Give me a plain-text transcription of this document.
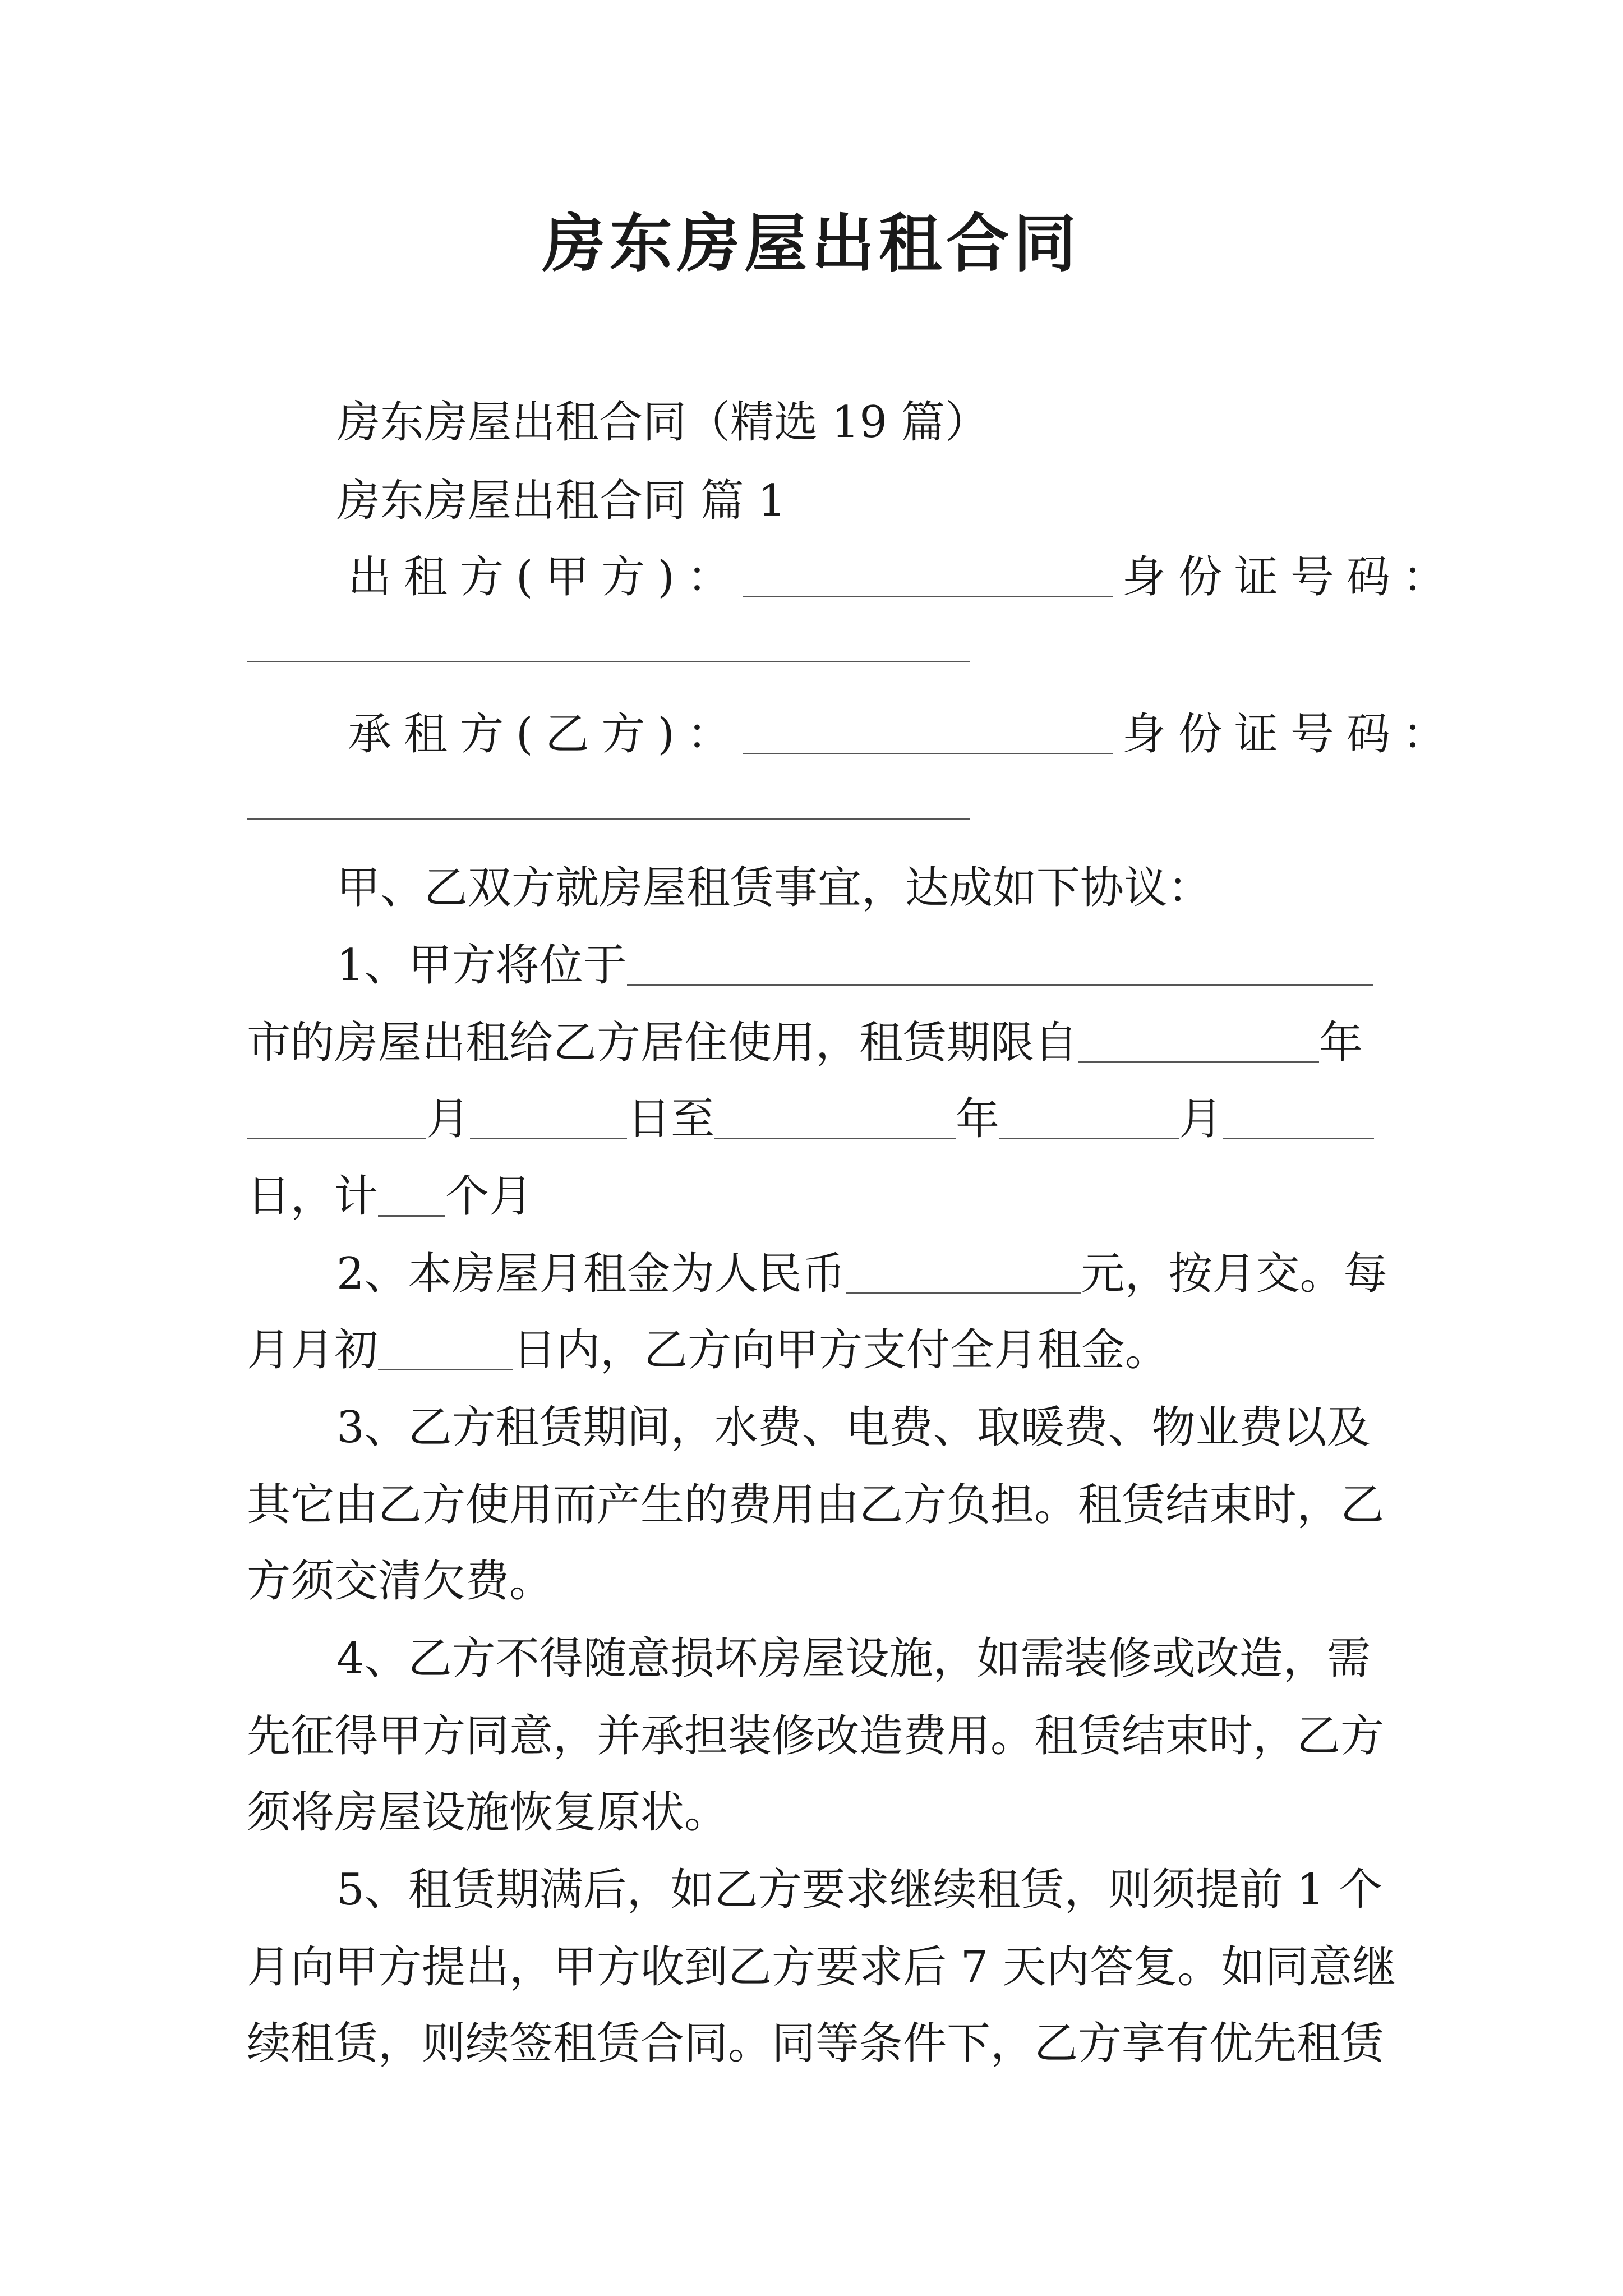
房东房屋出租合同
房东房屋出租合同（精选 19 篇）
房东房屋出租合同 篇 1
出租方(甲方)：	身份证号码：
承租方(乙方)：	身份证号码：
甲、乙双方就房屋租赁事宜，达成如下协议：
1、甲方将位于
市的房屋出租给乙方居住使用，租赁期限自	年
月	日至	年	月
日，计 个月
2、本房屋月租金为人民币	元，按月交。每
月月初	日内，乙方向甲方支付全月租金。
3、乙方租赁期间，水费、电费、取暖费、物业费以及
其它由乙方使用而产生的费用由乙方负担。租赁结束时，乙
方须交清欠费。
4、乙方不得随意损坏房屋设施，如需装修或改造，需
先征得甲方同意，并承担装修改造费用。租赁结束时，乙方
须将房屋设施恢复原状。
5、租赁期满后，如乙方要求继续租赁，则须提前 1 个
月向甲方提出，甲方收到乙方要求后 7 天内答复。如同意继
续租赁，则续签租赁合同。同等条件下，乙方享有优先租赁
